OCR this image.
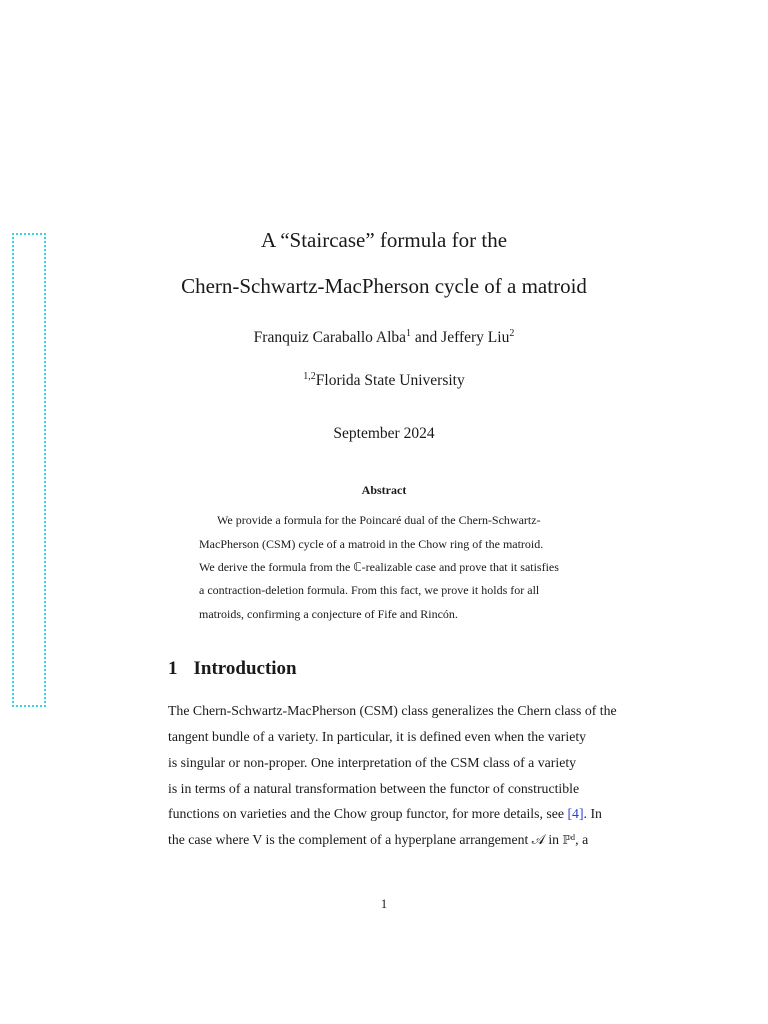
A “Staircase” formula for the
Chern-Schwartz-MacPherson cycle of a matroid
Franquiz Caraballo Alba$^1$ and Jeffery Liu$^2$
$^{1,2}$Florida State University
September 2024
Abstract
We provide a formula for the Poincaré dual of the Chern-Schwartz-
MacPherson (CSM) cycle of a matroid in the Chow ring of the matroid.
We derive the formula from the ℂ-realizable case and prove that it satisfies
a contraction-deletion formula. From this fact, we prove it holds for all
matroids, confirming a conjecture of Fife and Rincón.
1 Introduction
The Chern-Schwartz-MacPherson (CSM) class generalizes the Chern class of the
tangent bundle of a variety. In particular, it is defined even when the variety
is singular or non-proper. One interpretation of the CSM class of a variety
is in terms of a natural transformation between the functor of constructible
functions on varieties and the Chow group functor, for more details, see [4]. In
the case where V is the complement of a hyperplane arrangement 𝒜 in ℙᵈ, a
1
